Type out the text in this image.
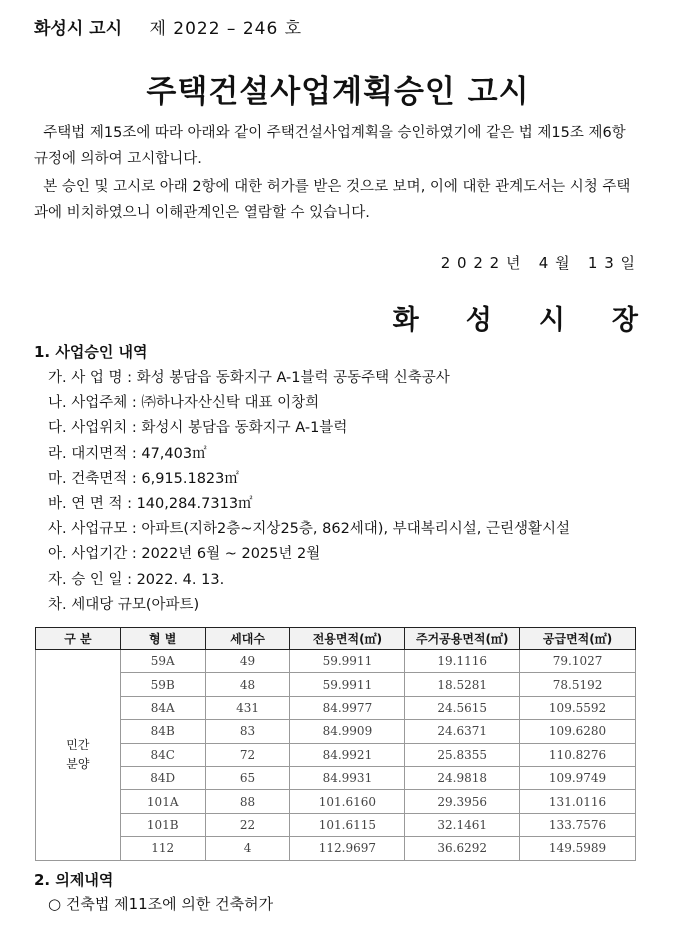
화성시 고시 제 2022 – 246 호
주택건설사업계획승인 고시
주택법 제15조에 따라 아래와 같이 주택건설사업계획을 승인하였기에 같은 법 제15조 제6항 규정에 의하여 고시합니다.
본 승인 및 고시로 아래 2항에 대한 허가를 받은 것으로 보며, 이에 대한 관계도서는 시청 주택과에 비치하였으니 이해관계인은 열람할 수 있습니다.
2 0 2 2 년   4 월   1 3 일
화     성     시     장
1. 사업승인 내역
가. 사 업 명 : 화성 봉담읍 동화지구 A-1블럭 공동주택 신축공사
나. 사업주체 : ㈜하나자산신탁 대표 이창희
다. 사업위치 : 화성시 봉담읍 동화지구 A-1블럭
라. 대지면적 : 47,403㎡
마. 건축면적 : 6,915.1823㎡
바. 연 면 적 : 140,284.7313㎡
사. 사업규모 : 아파트(지하2층~지상25층, 862세대), 부대복리시설, 근린생활시설
아. 사업기간 : 2022년 6월 ~ 2025년 2월
자. 승 인 일 : 2022. 4. 13.
차. 세대당 규모(아파트)
구 분	형 별	세대수	전용면적(㎡)	주거공용면적(㎡)	공급면적(㎡)
민간
분양	59A	49	59.9911	19.1116	79.1027
	59B	48	59.9911	18.5281	78.5192
	84A	431	84.9977	24.5615	109.5592
	84B	83	84.9909	24.6371	109.6280
	84C	72	84.9921	25.8355	110.8276
	84D	65	84.9931	24.9818	109.9749
	101A	88	101.6160	29.3956	131.0116
	101B	22	101.6115	32.1461	133.7576
	112	4	112.9697	36.6292	149.5989
2. 의제내역
○ 건축법 제11조에 의한 건축허가
